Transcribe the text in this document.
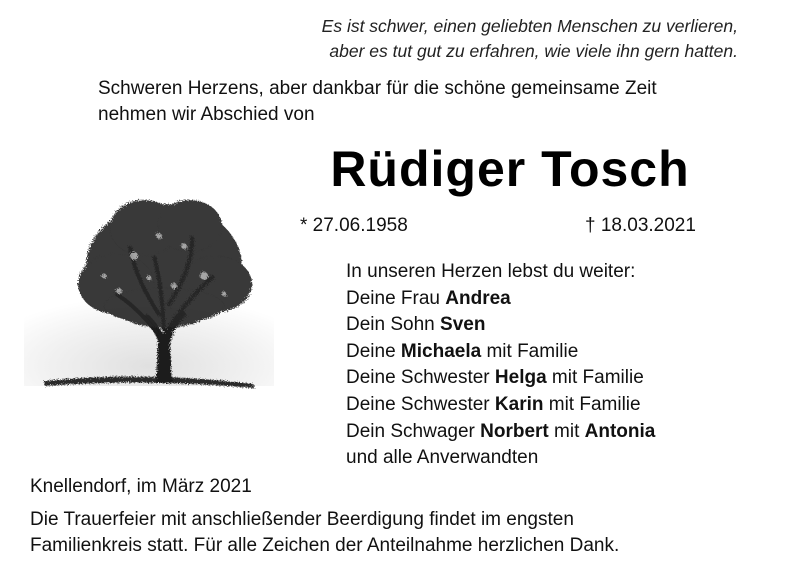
Es ist schwer, einen geliebten Menschen zu verlieren,
aber es tut gut zu erfahren, wie viele ihn gern hatten.
Schweren Herzens, aber dankbar für die schöne gemeinsame Zeit
nehmen wir Abschied von
Rüdiger Tosch
* 27.06.1958	† 18.03.2021
In unseren Herzen lebst du weiter:
Deine Frau Andrea
Dein Sohn Sven
Deine Michaela mit Familie
Deine Schwester Helga mit Familie
Deine Schwester Karin mit Familie
Dein Schwager Norbert mit Antonia
und alle Anverwandten
Knellendorf, im März 2021
Die Trauerfeier mit anschließender Beerdigung findet im engsten
Familienkreis statt. Für alle Zeichen der Anteilnahme herzlichen Dank.
